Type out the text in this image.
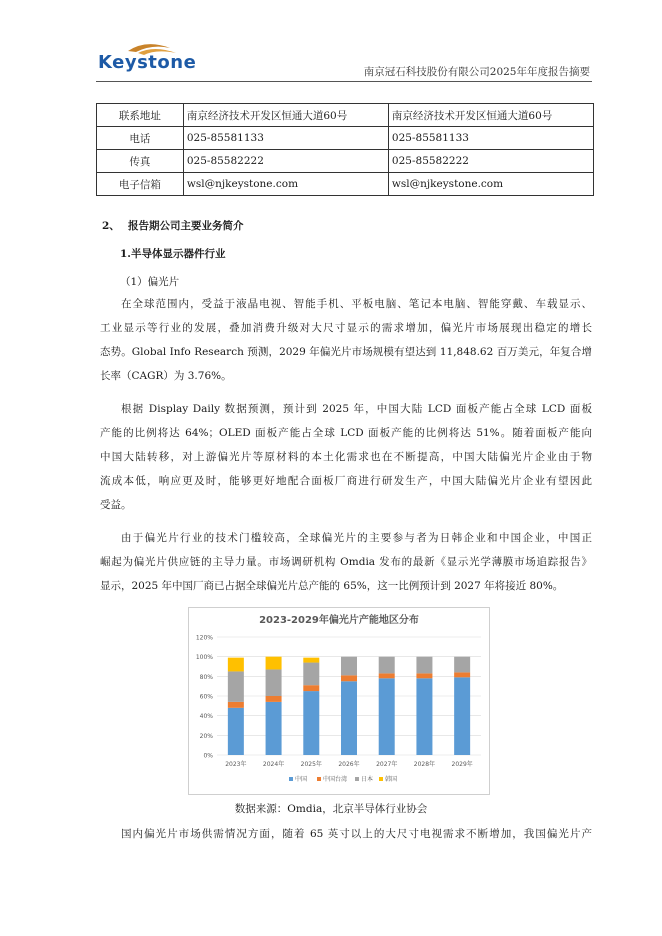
Keystone	南京冠石科技股份有限公司2025年年度报告摘要
联系地址	南京经济技术开发区恒通大道60号	南京经济技术开发区恒通大道60号
电话	025-85581133	025-85581133
传真	025-85582222	025-85582222
电子信箱	wsl@njkeystone.com	wsl@njkeystone.com
2、 报告期公司主要业务简介
1.半导体显示器件行业
（1）偏光片
在全球范围内，受益于液晶电视、智能手机、平板电脑、笔记本电脑、智能穿戴、车载显示、
工业显示等行业的发展，叠加消费升级对大尺寸显示的需求增加，偏光片市场展现出稳定的增长
态势。Global Info Research 预测，2029 年偏光片市场规模有望达到 11,848.62 百万美元，年复合增
长率（CAGR）为 3.76%。
根据 Display Daily 数据预测，预计到 2025 年，中国大陆 LCD 面板产能占全球 LCD 面板
产能的比例将达 64%；OLED 面板产能占全球 LCD 面板产能的比例将达 51%。随着面板产能向
中国大陆转移，对上游偏光片等原材料的本土化需求也在不断提高，中国大陆偏光片企业由于物
流成本低，响应更及时，能够更好地配合面板厂商进行研发生产，中国大陆偏光片企业有望因此
受益。
由于偏光片行业的技术门槛较高，全球偏光片的主要参与者为日韩企业和中国企业，中国正
崛起为偏光片供应链的主导力量。市场调研机构 Omdia 发布的最新《显示光学薄膜市场追踪报告》
显示，2025 年中国厂商已占据全球偏光片总产能的 65%，这一比例预计到 2027 年将接近 80%。
2023-2029年偏光片产能地区分布
0%
20%
40%
60%
80%
100%
120%
2023年	2024年	2025年	2026年	2027年	2028年	2029年
中国	中国台湾 日本 韩国
数据来源：Omdia，北京半导体行业协会
国内偏光片市场供需情况方面，随着 65 英寸以上的大尺寸电视需求不断增加，我国偏光片产
